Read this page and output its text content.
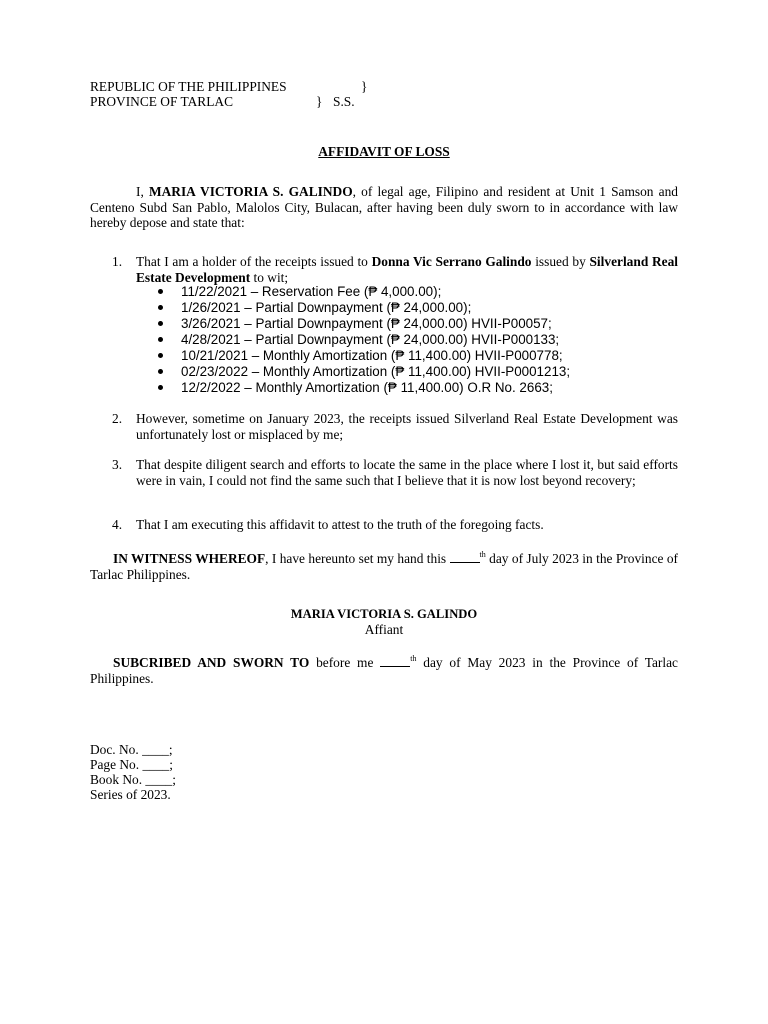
REPUBLIC OF THE PHILIPPINES	}
PROVINCE OF TARLAC	} S.S.
AFFIDAVIT OF LOSS
I, MARIA VICTORIA S. GALINDO, of legal age, Filipino and resident at Unit 1 Samson and Centeno Subd San Pablo, Malolos City, Bulacan, after having been duly sworn to in accordance with law hereby depose and state that:
1. That I am a holder of the receipts issued to Donna Vic Serrano Galindo issued by Silverland Real Estate Development to wit;
11/22/2021 – Reservation Fee (₱ 4,000.00);
1/26/2021 – Partial Downpayment (₱ 24,000.00);
3/26/2021 – Partial Downpayment (₱ 24,000.00) HVII-P00057;
4/28/2021 – Partial Downpayment (₱ 24,000.00) HVII-P000133;
10/21/2021 – Monthly Amortization (₱ 11,400.00) HVII-P000778;
02/23/2022 – Monthly Amortization (₱ 11,400.00) HVII-P0001213;
12/2/2022 – Monthly Amortization (₱ 11,400.00) O.R No. 2663;
2. However, sometime on January 2023, the receipts issued Silverland Real Estate Development was unfortunately lost or misplaced by me;
3. That despite diligent search and efforts to locate the same in the place where I lost it, but said efforts were in vain, I could not find the same such that I believe that it is now lost beyond recovery;
4. That I am executing this affidavit to attest to the truth of the foregoing facts.
IN WITNESS WHEREOF, I have hereunto set my hand this	$^{th}$ day of July 2023 in the Province of Tarlac Philippines.
MARIA VICTORIA S. GALINDO
Affiant
SUBCRIBED AND SWORN TO before me	$^{th}$ day of May 2023 in the Province of Tarlac Philippines.
Doc. No. ____;
Page No. ____;
Book No. ____;
Series of 2023.
